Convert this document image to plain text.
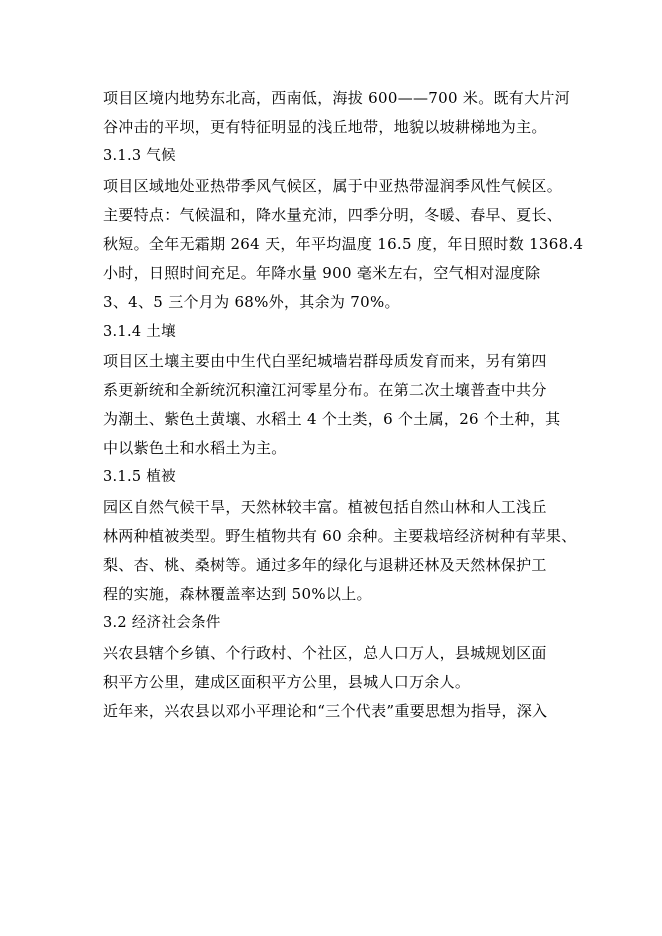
项目区境内地势东北高，西南低，海拔 600——700 米。既有大片河
谷冲击的平坝，更有特征明显的浅丘地带，地貌以坡耕梯地为主。
3.1.3 气候
项目区域地处亚热带季风气候区，属于中亚热带湿润季风性气候区。
主要特点：气候温和，降水量充沛，四季分明，冬暖、春早、夏长、
秋短。全年无霜期 264 天，年平均温度 16.5 度，年日照时数 1368.4
小时，日照时间充足。年降水量 900 毫米左右，空气相对湿度除
3、4、5 三个月为 68%外，其余为 70%。
3.1.4 土壤
项目区土壤主要由中生代白垩纪城墙岩群母质发育而来，另有第四
系更新统和全新统沉积潼江河零星分布。在第二次土壤普查中共分
为潮土、紫色土黄壤、水稻土 4 个土类，6 个土属，26 个土种，其
中以紫色土和水稻土为主。
3.1.5 植被
园区自然气候干旱，天然林较丰富。植被包括自然山林和人工浅丘
林两种植被类型。野生植物共有 60 余种。主要栽培经济树种有苹果、
梨、杏、桃、桑树等。通过多年的绿化与退耕还林及天然林保护工
程的实施，森林覆盖率达到 50%以上。
3.2 经济社会条件
兴农县辖个乡镇、个行政村、个社区，总人口万人，县城规划区面
积平方公里，建成区面积平方公里，县城人口万余人。
近年来，兴农县以邓小平理论和“三个代表”重要思想为指导，深入
